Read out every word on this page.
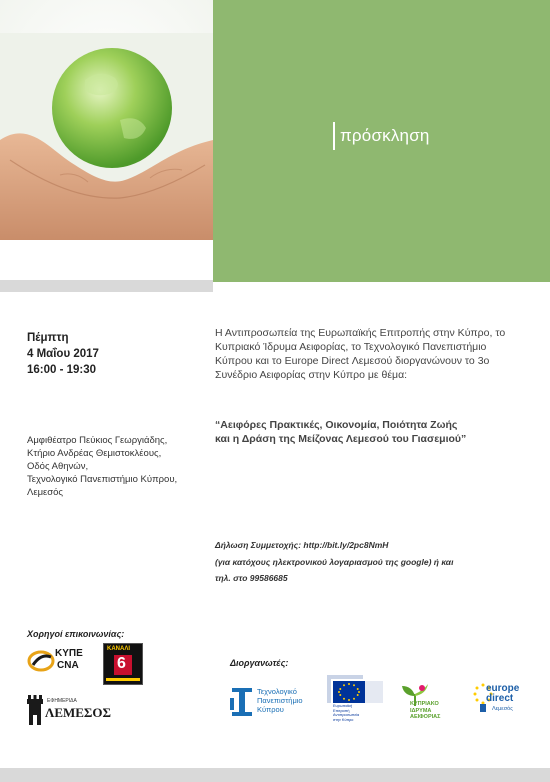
πρόσκληση
Πέμπτη
4 Μαΐου 2017
16:00 - 19:30
Αμφιθέατρο Πεύκιος Γεωργιάδης,
Κτήριο Ανδρέας Θεμιστοκλέους,
Οδός Αθηνών,
Τεχνολογικό Πανεπιστήμιο Κύπρου,
Λεμεσός
Η Αντιπροσωπεία της Ευρωπαϊκής Επιτροπής στην Κύπρο, το
Κυπριακό Ίδρυμα Αειφορίας, το Τεχνολογικό Πανεπιστήμιο
Κύπρου και το Europe Direct Λεμεσού διοργανώνουν το 3ο
Συνέδριο Αειφορίας στην Κύπρο με θέμα:
“Αειφόρες Πρακτικές, Οικονομία, Ποιότητα Ζωής
και η Δράση της Μείζονας Λεμεσού του Γιασεμιού”
Δήλωση Συμμετοχής: http://bit.ly/2pc8NmH
(για κατόχους ηλεκτρονικού λογαριασμού της google) ή και
τηλ. στο 99586685
Χορηγοί επικοινωνίας:
ΚΥΠΕ
CNA
ΚΑΝΑΛΙ
6
ΕΦΗΜΕΡΙΔΑ
ΛΕΜΕΣΟΣ
Διοργανωτές:
Τεχνολογικό
Πανεπιστήμιο
Κύπρου	Ευρωπαϊκή
Επιτροπή
Αντιπροσωπεία
στην Κύπρο
ΚΥΠΡΙΑΚΟ
ΙΔΡΥΜΑ
ΑΕΙΦΟΡΙΑΣ
europe
direct
Λεμεσός
